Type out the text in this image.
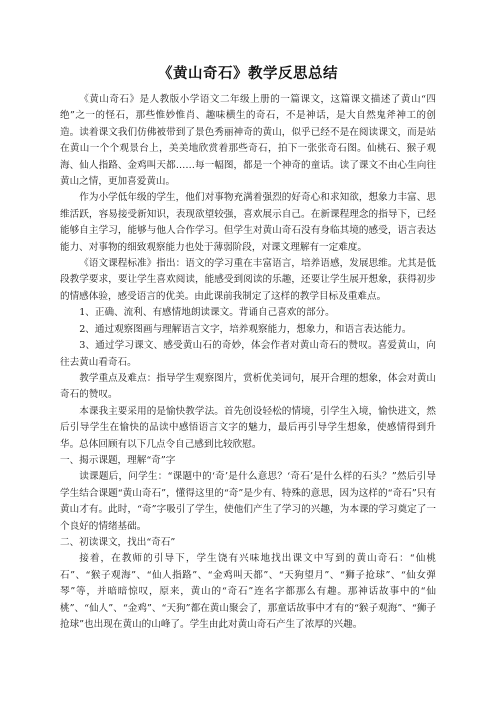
《黄山奇石》教学反思总结

《黄山奇石》是人教版小学语文二年级上册的一篇课文，这篇课文描述了黄山“四绝”之一的怪石，那些惟妙惟肖、趣味横生的奇石，不是神话，是大自然鬼斧神工的创造。读着课文我们仿佛被带到了景色秀丽神奇的黄山，似乎已经不是在阅读课文，而是站在黄山一个个观景台上，美美地欣赏着那些奇石，拍下一张张奇石图。仙桃石、猴子观海、仙人指路、金鸡叫天都……每一幅图，都是一个神奇的童话。读了课文不由心生向往黄山之情，更加喜爱黄山。

作为小学低年级的学生，他们对事物充满着强烈的好奇心和求知欲，想象力丰富、思维活跃，容易接受新知识，表现欲望较强，喜欢展示自己。在新课程理念的指导下，已经能够自主学习，能够与他人合作学习。但学生对黄山奇石没有身临其境的感受，语言表达能力、对事物的细致观察能力也处于薄弱阶段，对课文理解有一定难度。

《语文课程标准》指出：语文的学习重在丰富语言，培养语感，发展思维。尤其是低段教学要求，要让学生喜欢阅读，能感受到阅读的乐趣，还要让学生展开想象，获得初步的情感体验，感受语言的优美。由此课前我制定了这样的教学目标及重难点。

1、正确、流利、有感情地朗读课文。背诵自己喜欢的部分。

2、通过观察图画与理解语言文字，培养观察能力，想象力，和语言表达能力。

3、通过学习课文、感受黄山石的奇妙，体会作者对黄山奇石的赞叹。喜爱黄山，向往去黄山看奇石。

教学重点及难点：指导学生观察图片，赏析优美词句，展开合理的想象，体会对黄山奇石的赞叹。

本课我主要采用的是愉快教学法。首先创设轻松的情境，引学生入境，愉快进文，然后引导学生在愉快的品读中感悟语言文字的魅力，最后再引导学生想象，使感情得到升华。总体回顾有以下几点令自己感到比较欣慰。

一、揭示课题，理解“奇”字

读课题后，问学生：“课题中的‘奇’是什么意思？‘奇石’是什么样的石头？”然后引导学生结合课题“黄山奇石”，懂得这里的“奇”是少有、特殊的意思，因为这样的“奇石”只有黄山才有。此时，“奇”字吸引了学生，使他们产生了学习的兴趣，为本课的学习奠定了一个良好的情绪基础。

二、初读课文，找出“奇石”

接着，在教师的引导下，学生饶有兴味地找出课文中写到的黄山奇石：“仙桃石”、“猴子观海”、“仙人指路”、“金鸡叫天都”、“天狗望月”、“狮子抢球”、“仙女弹琴”等，并暗暗惊叹，原来，黄山的“奇石”连名字都那么有趣。那神话故事中的“仙桃”、“仙人”、“金鸡”、“天狗”都在黄山聚会了，那童话故事中才有的“猴子观海”、“狮子抢球”也出现在黄山的山峰了。学生由此对黄山奇石产生了浓厚的兴趣。
